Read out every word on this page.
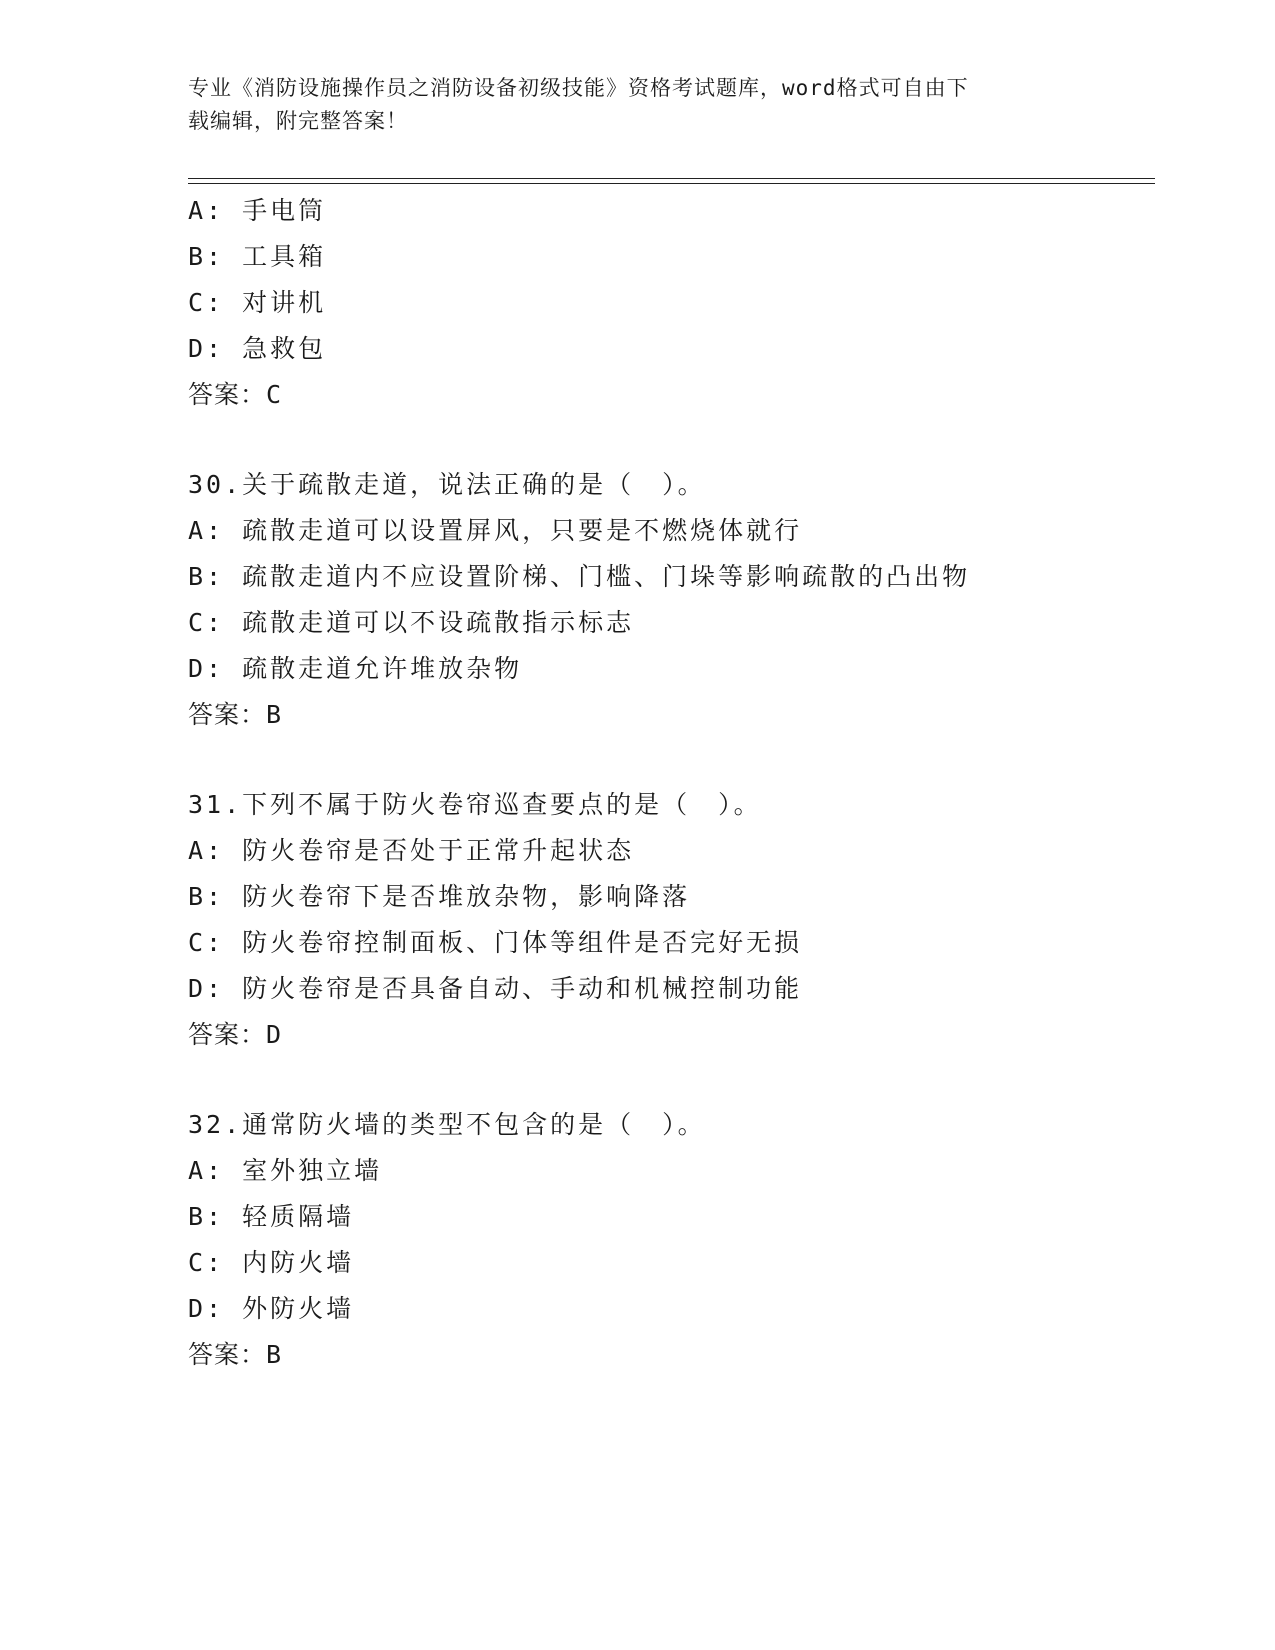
专业《消防设施操作员之消防设备初级技能》资格考试题库，word格式可自由下
载编辑，附完整答案！
A: 手电筒
B: 工具箱
C: 对讲机
D: 急救包
答案：C
30.关于疏散走道，说法正确的是（　）。
A: 疏散走道可以设置屏风，只要是不燃烧体就行
B: 疏散走道内不应设置阶梯、门槛、门垛等影响疏散的凸出物
C: 疏散走道可以不设疏散指示标志
D: 疏散走道允许堆放杂物
答案：B
31.下列不属于防火卷帘巡查要点的是（　）。
A: 防火卷帘是否处于正常升起状态
B: 防火卷帘下是否堆放杂物，影响降落
C: 防火卷帘控制面板、门体等组件是否完好无损
D: 防火卷帘是否具备自动、手动和机械控制功能
答案：D
32.通常防火墙的类型不包含的是（　）。
A: 室外独立墙
B: 轻质隔墙
C: 内防火墙
D: 外防火墙
答案：B
